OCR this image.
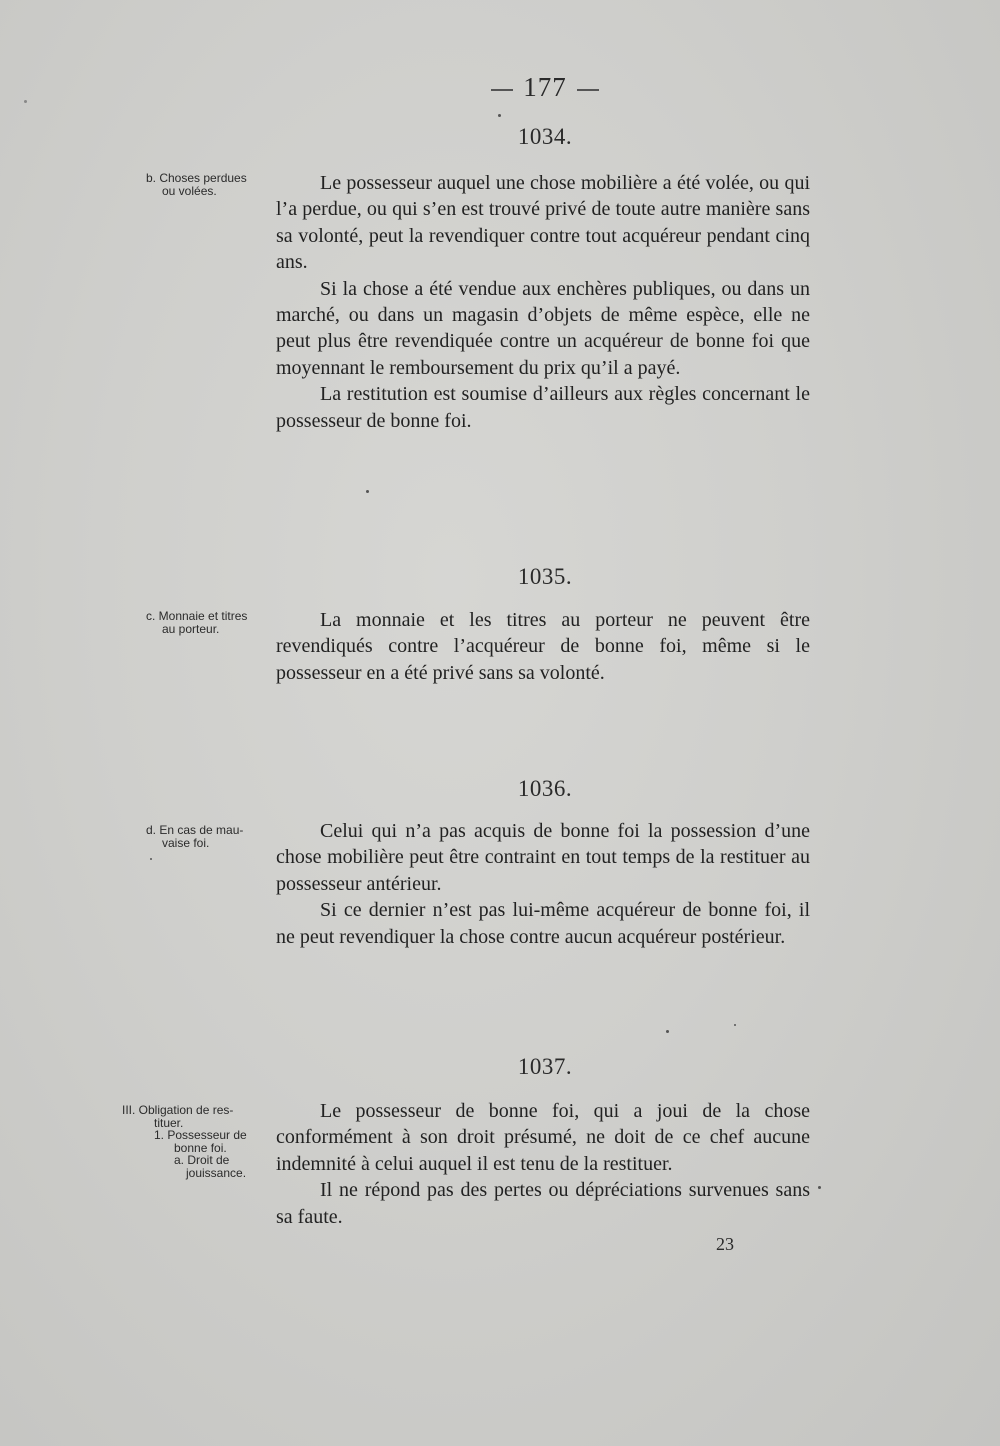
177
1034.
b. Choses perdues
ou volées.	Le possesseur auquel une chose mobilière a été volée, ou qui l’a perdue, ou qui s’en est trouvé privé de toute autre manière sans sa volonté, peut la revendiquer contre tout acquéreur pendant cinq ans.

Si la chose a été vendue aux enchères publiques, ou dans un marché, ou dans un magasin d’objets de même espèce, elle ne peut plus être revendiquée contre un acquéreur de bonne foi que moyennant le remboursement du prix qu’il a payé.

La restitution est soumise d’ailleurs aux règles concernant le possesseur de bonne foi.

1035.
c. Monnaie et titres
au porteur.	La monnaie et les titres au porteur ne peuvent être revendiqués contre l’acquéreur de bonne foi, même si le possesseur en a été privé sans sa volonté.

1036.
d. En cas de mau-
vaise foi.

Celui qui n’a pas acquis de bonne foi la possession d’une chose mobilière peut être contraint en tout temps de la restituer au possesseur antérieur.

Si ce dernier n’est pas lui-même acquéreur de bonne foi, il ne peut revendiquer la chose contre aucun acquéreur postérieur.

1037.
III. Obligation de res-
tituer.
1. Possesseur de
bonne foi.
a. Droit de
jouissance.

Le possesseur de bonne foi, qui a joui de la chose conformément à son droit présumé, ne doit de ce chef aucune indemnité à celui auquel il est tenu de la restituer.

Il ne répond pas des pertes ou dépréciations survenues sans sa faute.

23
